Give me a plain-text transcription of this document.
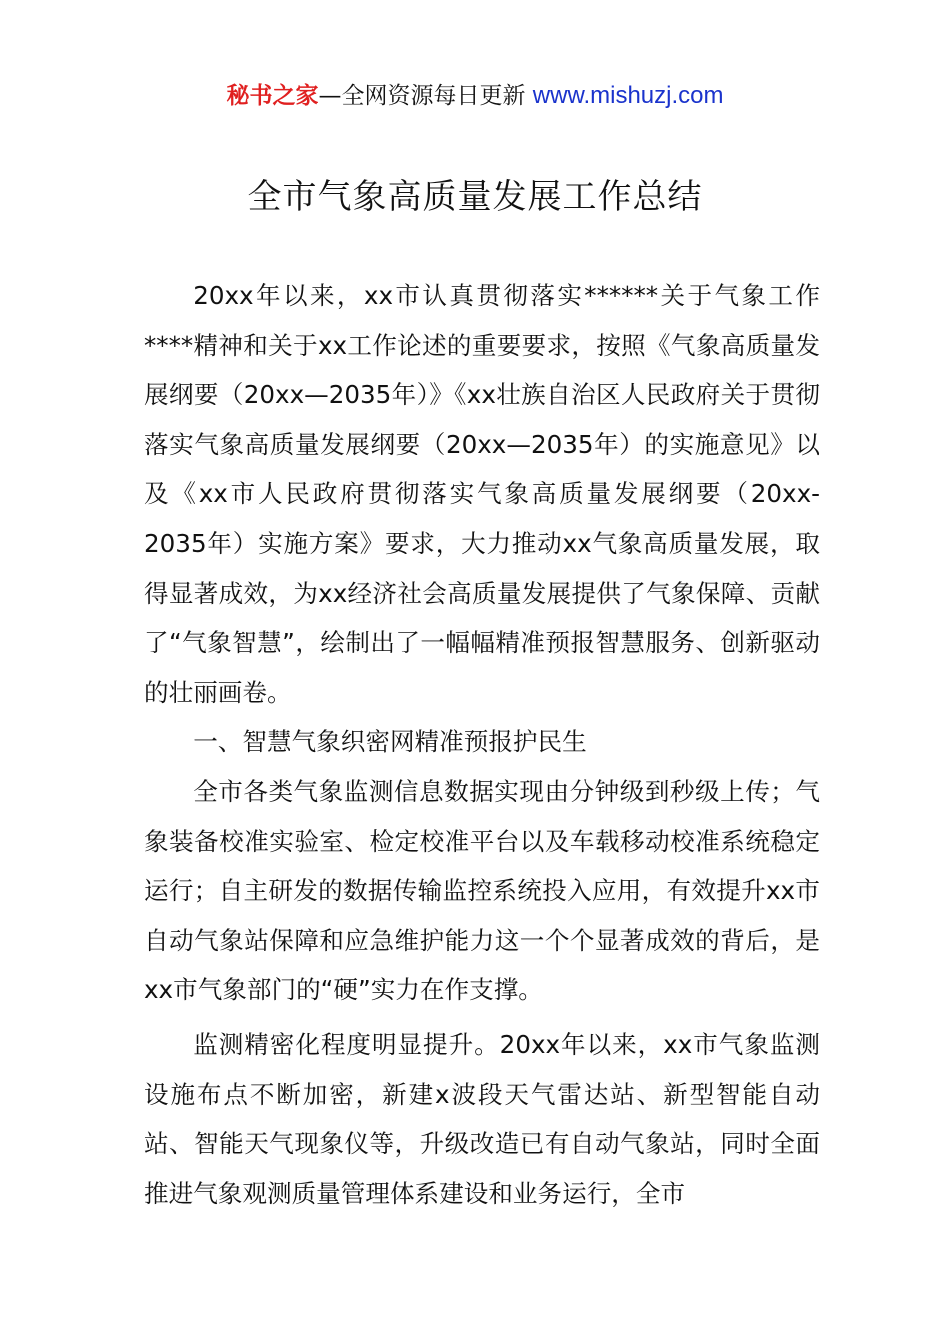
秘书之家—全网资源每日更新 www.mishuzj.com
全市气象高质量发展工作总结

20xx年以来，xx市认真贯彻落实******关于气象工作****精神和关于xx工作论述的重要要求，按照《气象高质量发展纲要（20xx—2035年）》《xx壮族自治区人民政府关于贯彻落实气象高质量发展纲要（20xx—2035年）的实施意见》以及《xx市人民政府贯彻落实气象高质量发展纲要（20xx-2035年）实施方案》要求，大力推动xx气象高质量发展，取得显著成效，为xx经济社会高质量发展提供了气象保障、贡献了“气象智慧”，绘制出了一幅幅精准预报智慧服务、创新驱动的壮丽画卷。

一、智慧气象织密网精准预报护民生

全市各类气象监测信息数据实现由分钟级到秒级上传；气象装备校准实验室、检定校准平台以及车载移动校准系统稳定运行；自主研发的数据传输监控系统投入应用，有效提升xx市自动气象站保障和应急维护能力这一个个显著成效的背后，是xx市气象部门的“硬”实力在作支撑。

监测精密化程度明显提升。20xx年以来，xx市气象监测设施布点不断加密，新建x波段天气雷达站、新型智能自动站、智能天气现象仪等，升级改造已有自动气象站，同时全面推进气象观测质量管理体系建设和业务运行，全市
